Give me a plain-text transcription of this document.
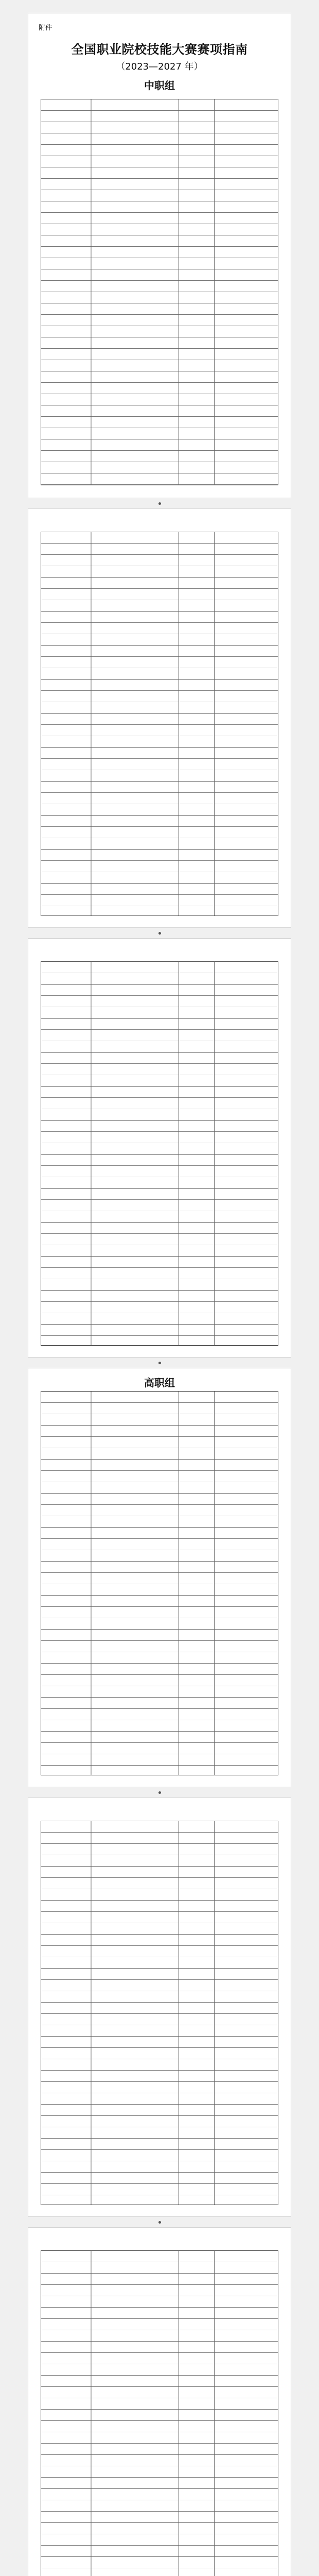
附件
全国职业院校技能大赛赛项指南
（2023—2027 年）
中职组
高职组
